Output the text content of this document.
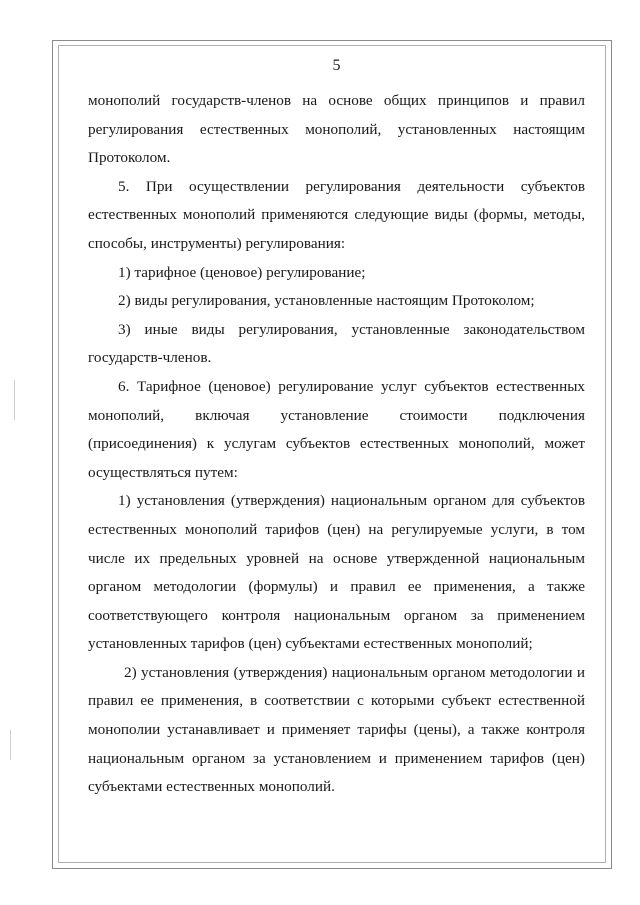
5

монополий государств-членов на основе общих принципов и правил регулирования естественных монополий, установленных настоящим Протоколом.

5. При осуществлении регулирования деятельности субъектов естественных монополий применяются следующие виды (формы, методы, способы, инструменты) регулирования:

1) тарифное (ценовое) регулирование;

2) виды регулирования, установленные настоящим Протоколом;

3) иные виды регулирования, установленные законодательством государств-членов.

6. Тарифное (ценовое) регулирование услуг субъектов естественных монополий, включая установление стоимости подключения (присоединения) к услугам субъектов естественных монополий, может осуществляться путем:

1) установления (утверждения) национальным органом для субъектов естественных монополий тарифов (цен) на регулируемые услуги, в том числе их предельных уровней на основе утвержденной национальным органом методологии (формулы) и правил ее применения, а также соответствующего контроля национальным органом за применением установленных тарифов (цен) субъектами естественных монополий;

2) установления (утверждения) национальным органом методологии и правил ее применения, в соответствии с которыми субъект естественной монополии устанавливает и применяет тарифы (цены), а также контроля национальным органом за установлением и применением тарифов (цен) субъектами естественных монополий.
